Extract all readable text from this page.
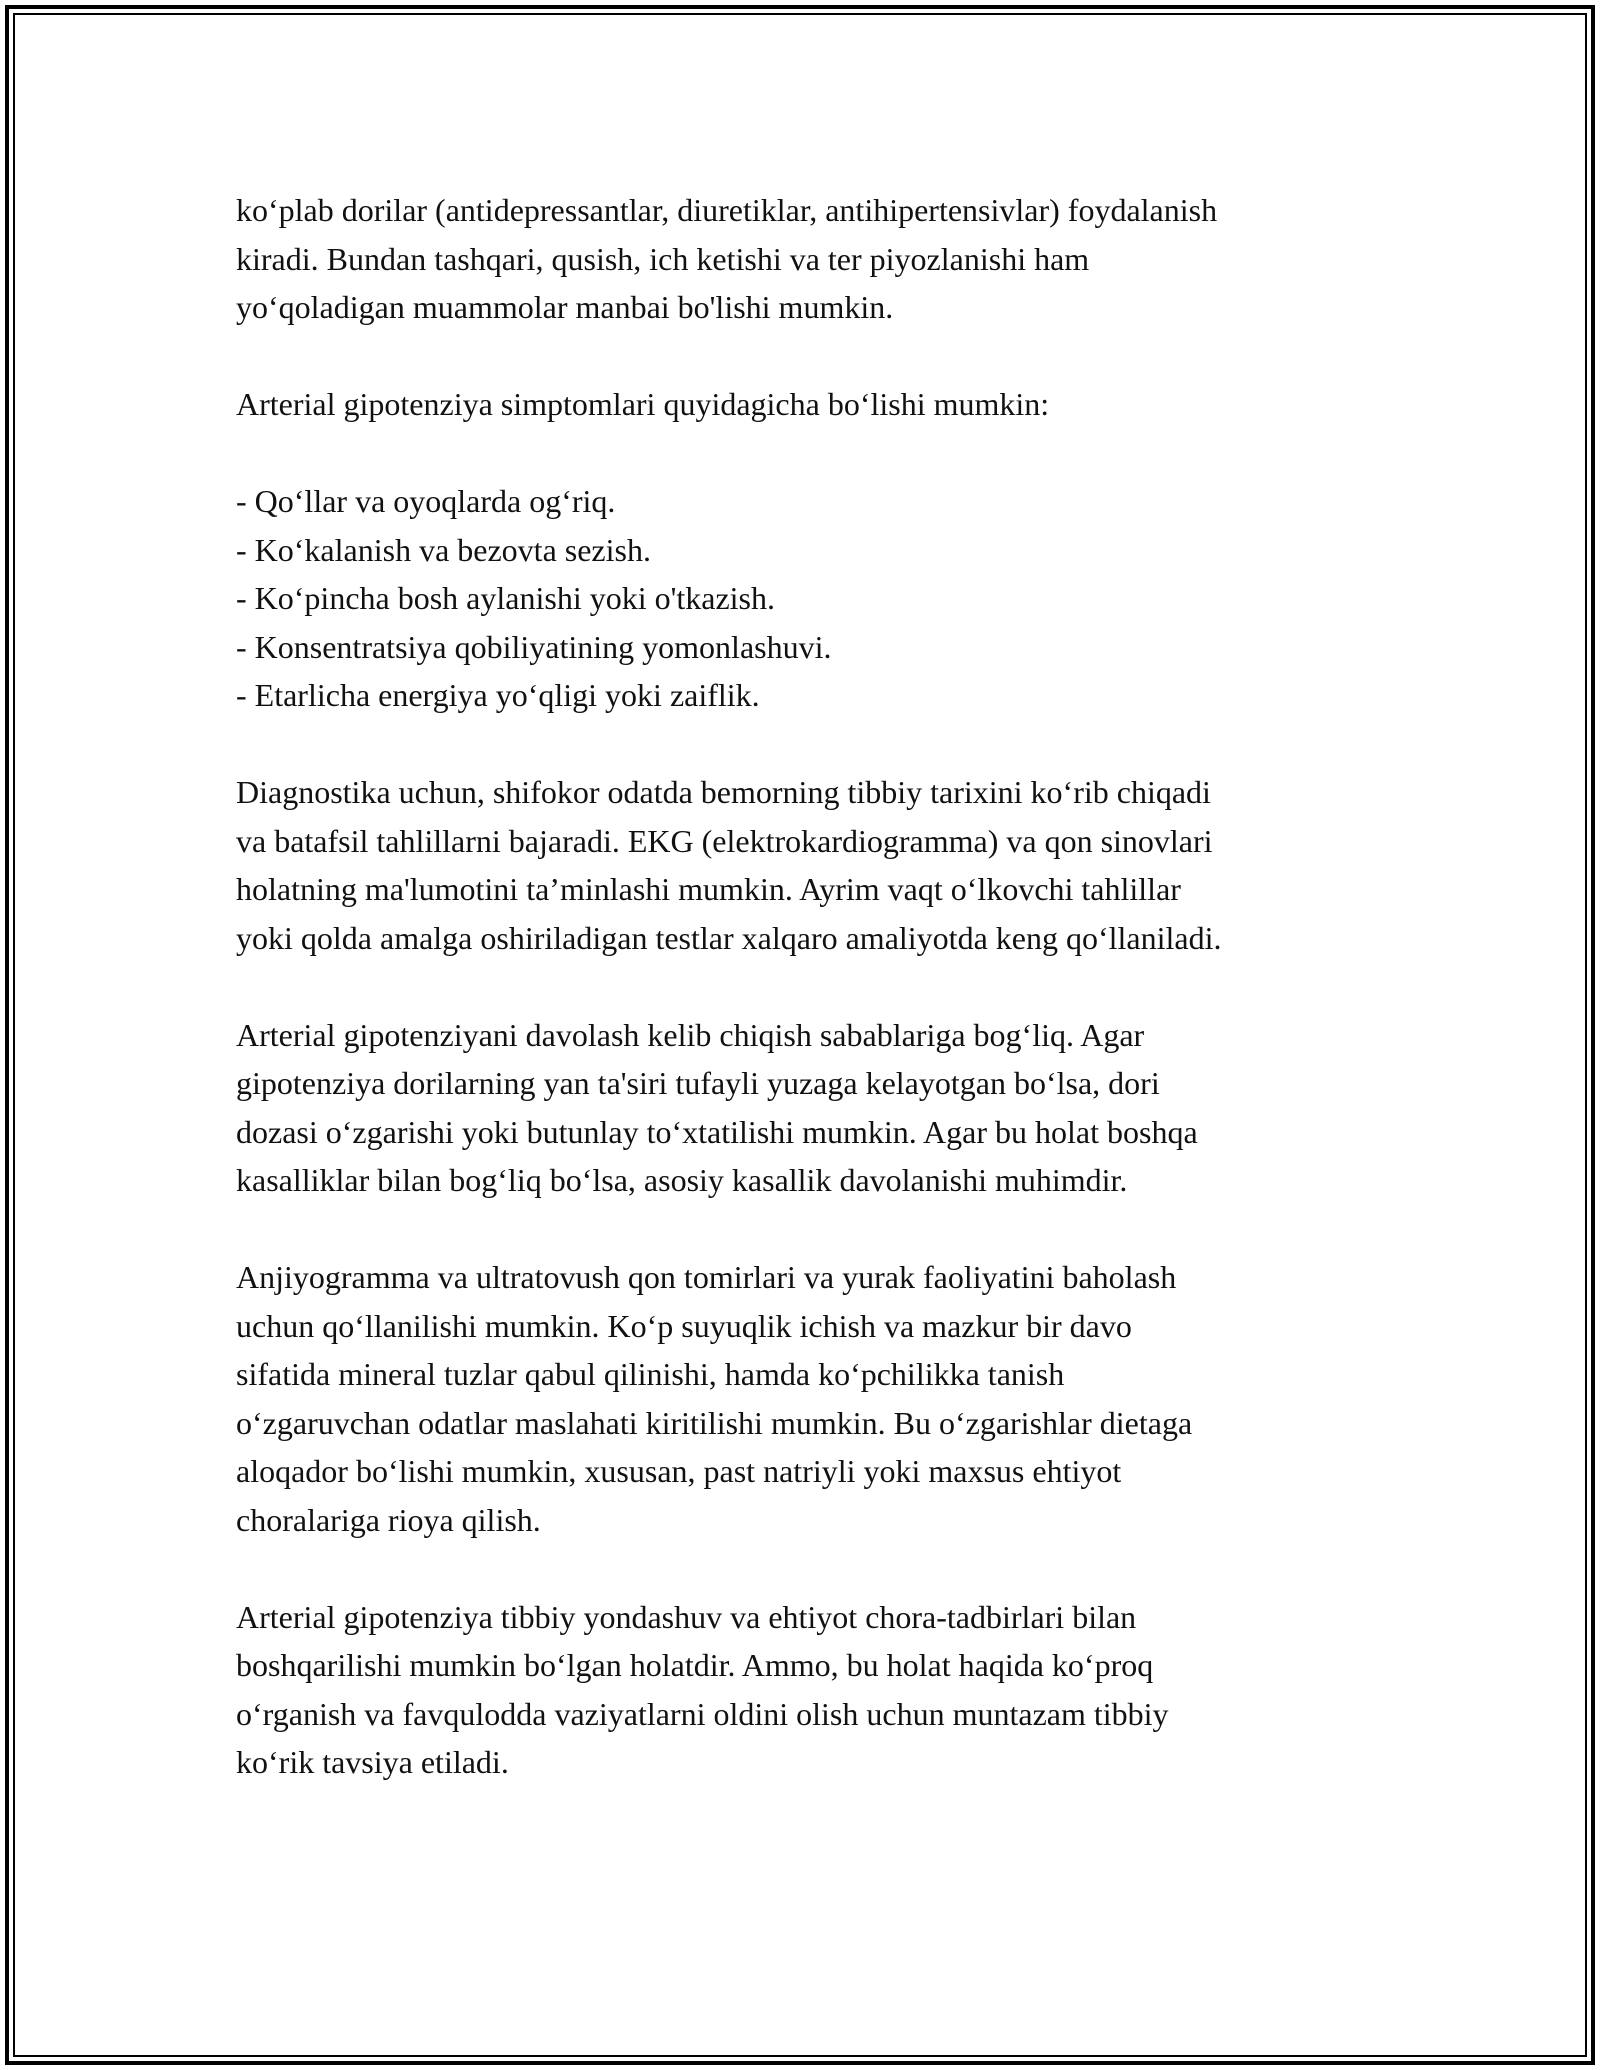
ko‘plab dorilar (antidepressantlar, diuretiklar, antihipertensivlar) foydalanish
kiradi. Bundan tashqari, qusish, ich ketishi va ter piyozlanishi ham
yo‘qoladigan muammolar manbai bo'lishi mumkin.

Arterial gipotenziya simptomlari quyidagicha bo‘lishi mumkin:

- Qo‘llar va oyoqlarda og‘riq.
- Ko‘kalanish va bezovta sezish.
- Ko‘pincha bosh aylanishi yoki o'tkazish.
- Konsentratsiya qobiliyatining yomonlashuvi.
- Etarlicha energiya yo‘qligi yoki zaiflik.

Diagnostika uchun, shifokor odatda bemorning tibbiy tarixini ko‘rib chiqadi
va batafsil tahlillarni bajaradi. EKG (elektrokardiogramma) va qon sinovlari
holatning ma'lumotini ta’minlashi mumkin. Ayrim vaqt o‘lkovchi tahlillar
yoki qolda amalga oshiriladigan testlar xalqaro amaliyotda keng qo‘llaniladi.

Arterial gipotenziyani davolash kelib chiqish sabablariga bog‘liq. Agar
gipotenziya dorilarning yan ta'siri tufayli yuzaga kelayotgan bo‘lsa, dori
dozasi o‘zgarishi yoki butunlay to‘xtatilishi mumkin. Agar bu holat boshqa
kasalliklar bilan bog‘liq bo‘lsa, asosiy kasallik davolanishi muhimdir.

Anjiyogramma va ultratovush qon tomirlari va yurak faoliyatini baholash
uchun qo‘llanilishi mumkin. Ko‘p suyuqlik ichish va mazkur bir davo
sifatida mineral tuzlar qabul qilinishi, hamda ko‘pchilikka tanish
o‘zgaruvchan odatlar maslahati kiritilishi mumkin. Bu o‘zgarishlar dietaga
aloqador bo‘lishi mumkin, xususan, past natriyli yoki maxsus ehtiyot
choralariga rioya qilish.

Arterial gipotenziya tibbiy yondashuv va ehtiyot chora-tadbirlari bilan
boshqarilishi mumkin bo‘lgan holatdir. Ammo, bu holat haqida ko‘proq
o‘rganish va favqulodda vaziyatlarni oldini olish uchun muntazam tibbiy
ko‘rik tavsiya etiladi.
